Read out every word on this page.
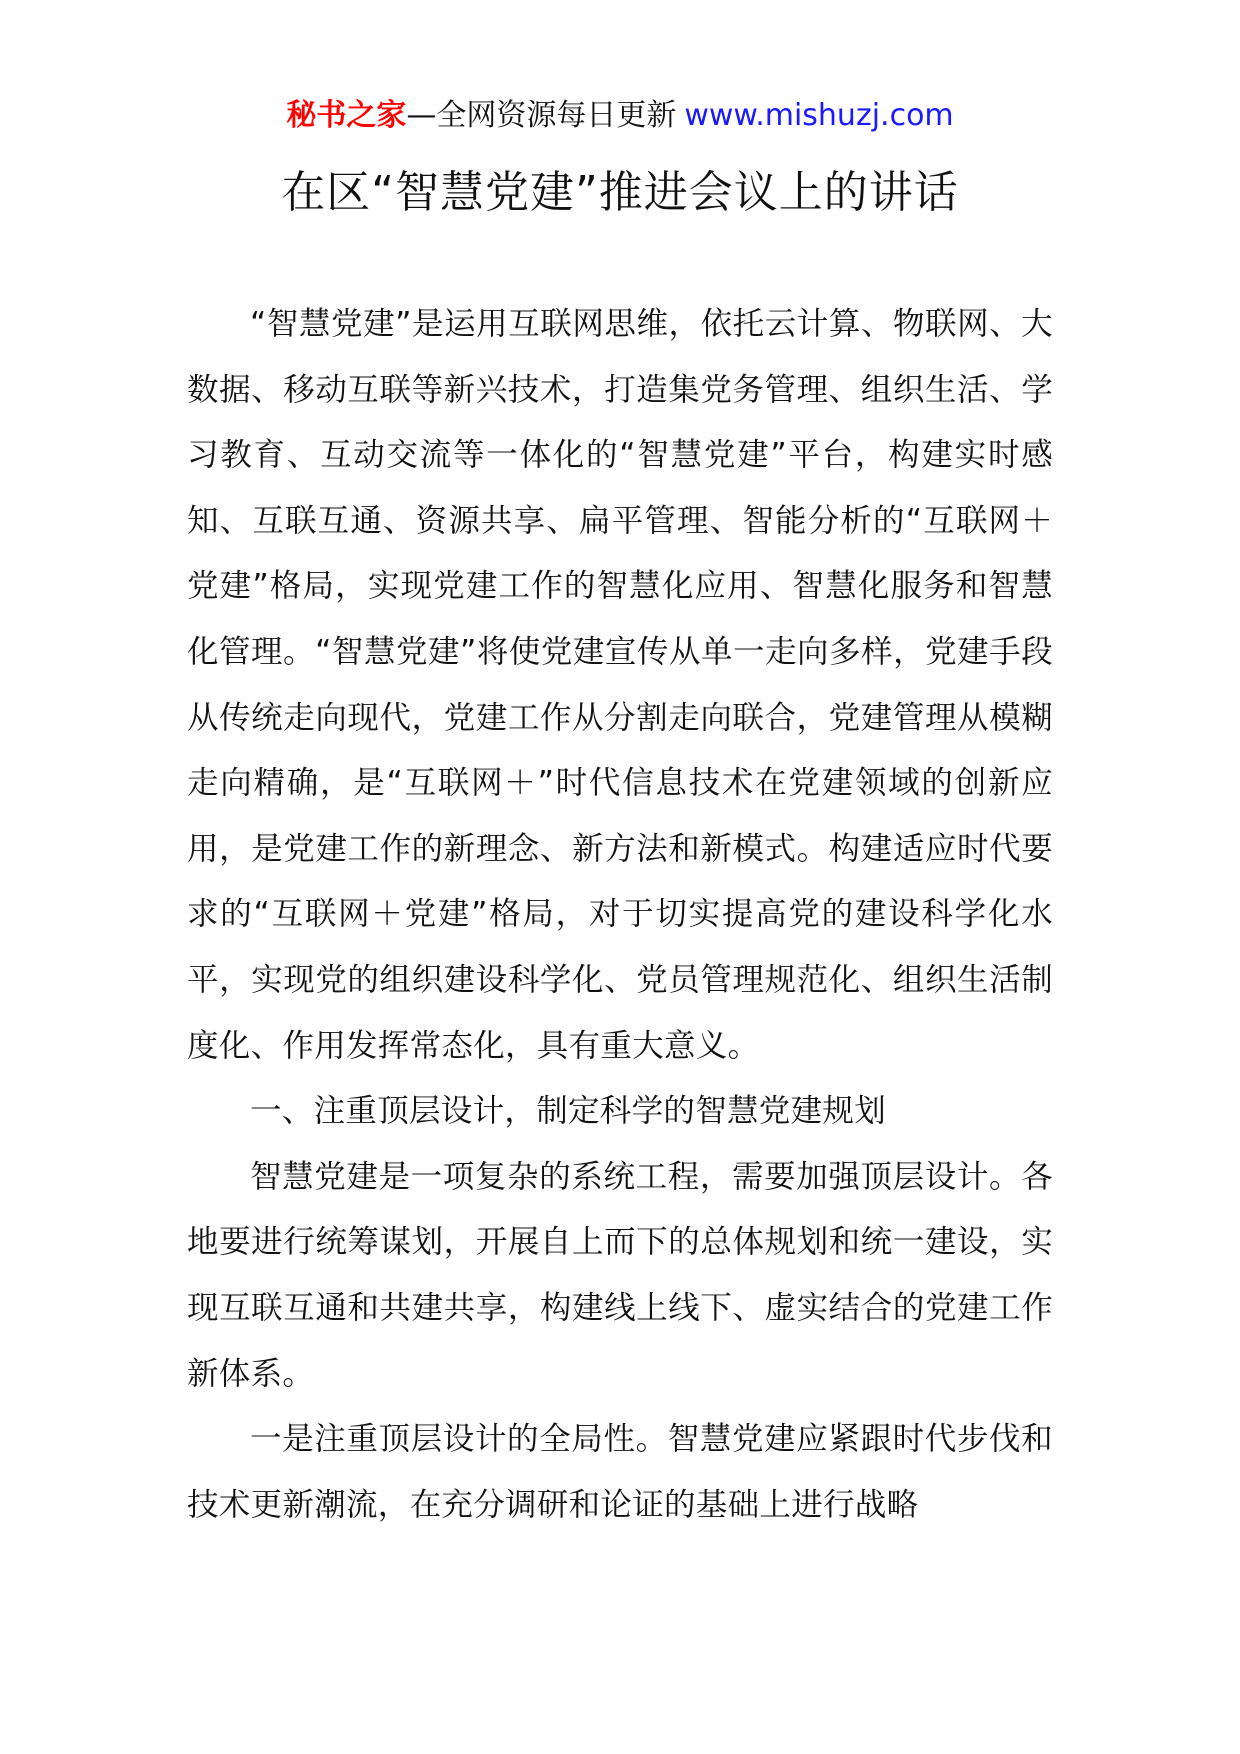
秘书之家—全网资源每日更新 www.mishuzj.com
在区“智慧党建”推进会议上的讲话

“智慧党建”是运用互联网思维，依托云计算、物联网、大数据、移动互联等新兴技术，打造集党务管理、组织生活、学习教育、互动交流等一体化的“智慧党建”平台，构建实时感知、互联互通、资源共享、扁平管理、智能分析的“互联网＋党建”格局，实现党建工作的智慧化应用、智慧化服务和智慧化管理。“智慧党建”将使党建宣传从单一走向多样，党建手段从传统走向现代，党建工作从分割走向联合，党建管理从模糊走向精确，是“互联网＋”时代信息技术在党建领域的创新应用，是党建工作的新理念、新方法和新模式。构建适应时代要求的“互联网＋党建”格局，对于切实提高党的建设科学化水平，实现党的组织建设科学化、党员管理规范化、组织生活制度化、作用发挥常态化，具有重大意义。

一、注重顶层设计，制定科学的智慧党建规划

智慧党建是一项复杂的系统工程，需要加强顶层设计。各地要进行统筹谋划，开展自上而下的总体规划和统一建设，实现互联互通和共建共享，构建线上线下、虚实结合的党建工作新体系。

一是注重顶层设计的全局性。智慧党建应紧跟时代步伐和技术更新潮流，在充分调研和论证的基础上进行战略
